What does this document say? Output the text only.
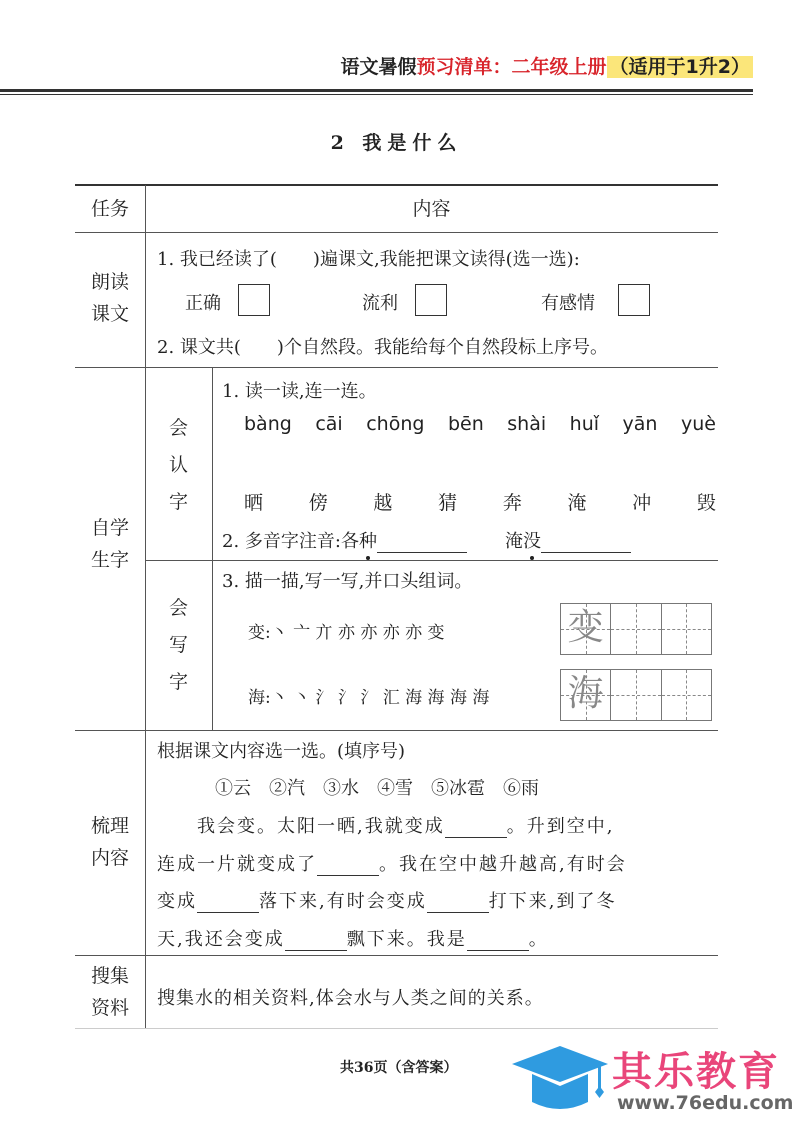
语文暑假预习清单：二年级上册 （适用于1升2）
2 我是什么
任务	内容
朗读
课文
1. 我已经读了(　　)遍课文,我能把课文读得(选一选):
正确	流利	有感情
2. 课文共(　　)个自然段。我能给每个自然段标上序号。
自学
生字
会
认
字
1. 读一读,连一连。
bàng cāi chōng bēn shài huǐ yān yuè
晒 傍 越 猜 奔 淹 冲 毁
2. 多音字注音:各种	淹没
会
写
字
3. 描一描,写一写,并口头组词。
变:丶 亠 亣 亦 亦 亦 亦 变	变
海:丶 丶 氵 氵 氵 汇 海 海 海 海 海
梳理
内容
根据课文内容选一选。(填序号)
①云　②汽　③水　④雪　⑤冰雹　⑥雨
　　我会变。太阳一晒,我就变成	。升到空中,
连成一片就变成了	。我在空中越升越高,有时会
变成	落下来,有时会变成	打下来,到了冬
天,我还会变成	飘下来。我是	。
搜集
资料	搜集水的相关资料,体会水与人类之间的关系。
共36页（含答案）	其乐教育
www.76edu.com
